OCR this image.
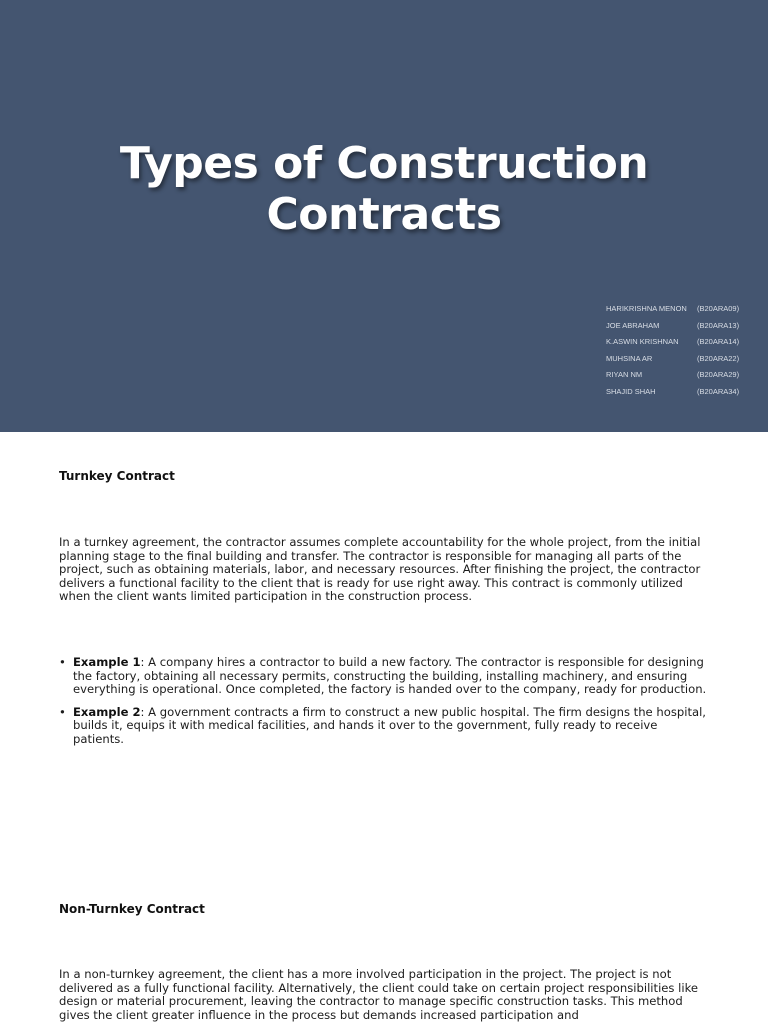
Types of Construction
Contracts
HARIKRISHNA MENON (B20ARA09)
JOE ABRAHAM	(B20ARA13)
K.ASWIN KRISHNAN (B20ARA14)
MUHSINA AR	(B20ARA22)
RIYAN NM	(B20ARA29)
SHAJID SHAH	(B20ARA34)
Turnkey Contract

In a turnkey agreement, the contractor assumes complete accountability for the whole project, from the initial planning stage to the final building and transfer. The contractor is responsible for managing all parts of the project, such as obtaining materials, labor, and necessary resources. After finishing the project, the contractor delivers a functional facility to the client that is ready for use right away. This contract is commonly utilized when the client wants limited participation in the construction process.

• Example 1: A company hires a contractor to build a new factory. The contractor is responsible for designing the factory, obtaining all necessary permits, constructing the building, installing machinery, and ensuring everything is operational. Once completed, the factory is handed over to the company, ready for production.
• Example 2: A government contracts a firm to construct a new public hospital. The firm designs the hospital, builds it, equips it with medical facilities, and hands it over to the government, fully ready to receive patients.
Non-Turnkey Contract

In a non-turnkey agreement, the client has a more involved participation in the project. The project is not delivered as a fully functional facility. Alternatively, the client could take on certain project responsibilities like design or material procurement, leaving the contractor to manage specific construction tasks. This method gives the client greater influence in the process but demands increased participation and
